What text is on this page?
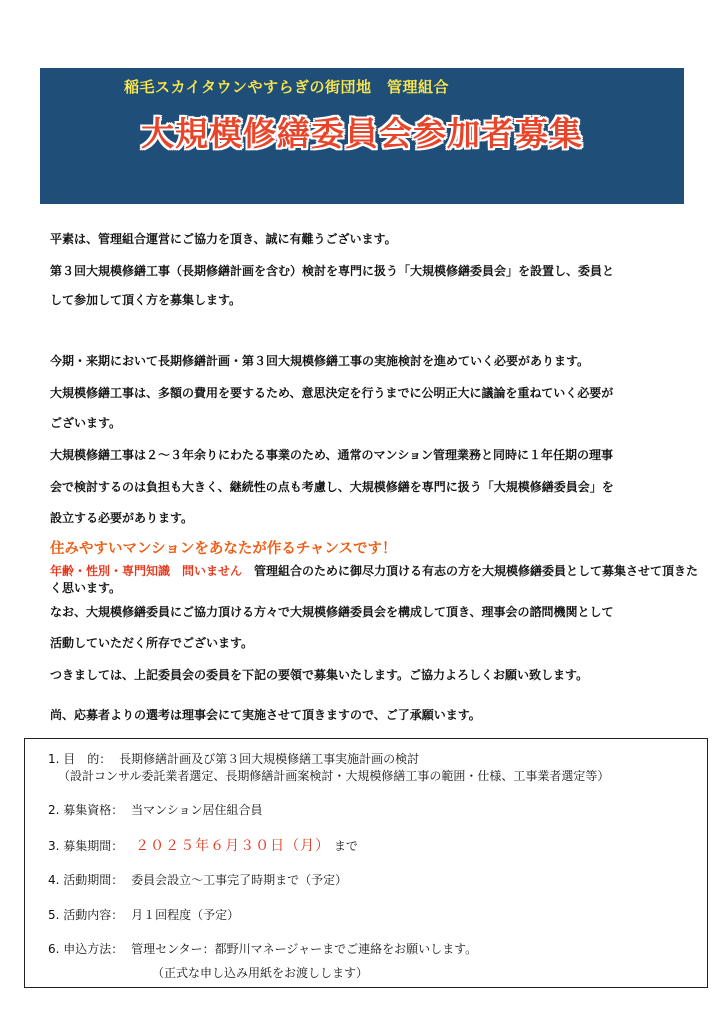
稲毛スカイタウンやすらぎの街団地　管理組合
大規模修繕委員会参加者募集
平素は、管理組合運営にご協力を頂き、誠に有難うございます。
第３回大規模修繕工事（長期修繕計画を含む）検討を専門に扱う「大規模修繕委員会」を設置し、委員と
して参加して頂く方を募集します。
今期・来期において長期修繕計画・第３回大規模修繕工事の実施検討を進めていく必要があります。
大規模修繕工事は、多額の費用を要するため、意思決定を行うまでに公明正大に議論を重ねていく必要が
ございます。
大規模修繕工事は２～３年余りにわたる事業のため、通常のマンション管理業務と同時に１年任期の理事
会で検討するのは負担も大きく、継続性の点も考慮し、大規模修繕を専門に扱う「大規模修繕委員会」を
設立する必要があります。
住みやすいマンションをあなたが作るチャンスです！
年齢・性別・専門知識　問いません　管理組合のために御尽力頂ける有志の方を大規模修繕委員として募集させて頂きたく思います。
なお、大規模修繕委員にご協力頂ける方々で大規模修繕委員会を構成して頂き、理事会の諮問機関として
活動していただく所存でございます。
つきましては、上記委員会の委員を下記の要領で募集いたします。ご協力よろしくお願い致します。
尚、応募者よりの選考は理事会にて実施させて頂きますので、ご了承願います。
1. 目　的： 長期修繕計画及び第３回大規模修繕工事実施計画の検討
（設計コンサル委託業者選定、長期修繕計画案検討・大規模修繕工事の範囲・仕様、工事業者選定等）
2. 募集資格： 当マンション居住組合員
3. 募集期間： ２０２５年６月３０日（月） まで
4. 活動期間： 委員会設立～工事完了時期まで（予定）
5. 活動内容： 月１回程度（予定）
6. 申込方法： 管理センター：都野川マネージャーまでご連絡をお願いします。
（正式な申し込み用紙をお渡しします）
